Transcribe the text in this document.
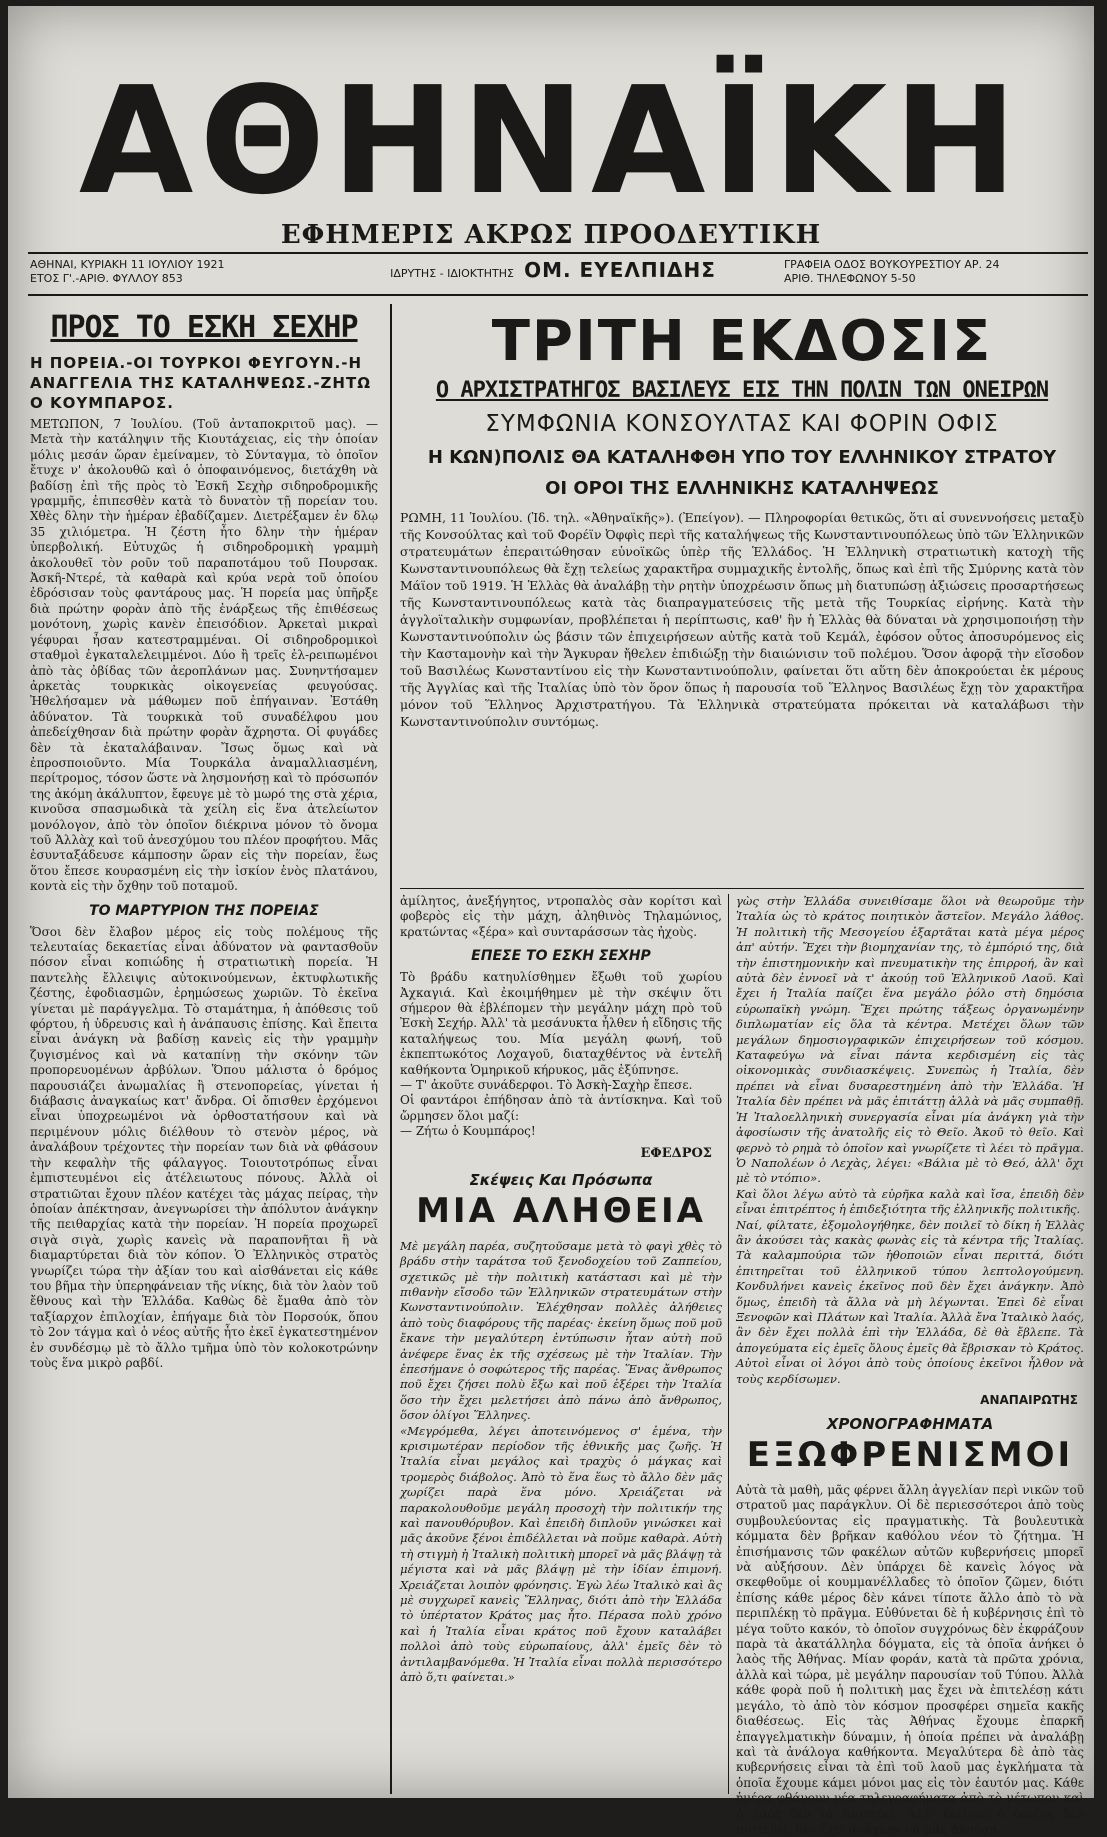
ΑΘΗΝΑΪΚΗ
ΕΦΗΜΕΡΙΣ ΑΚΡΩΣ ΠΡΟΟΔΕΥΤΙΚΗ
ΑΘΗΝΑΙ, ΚΥΡΙΑΚΗ 11 ΙΟΥΛΙΟΥ 1921
ΕΤΟΣ Γ'.-ΑΡΙΘ. ΦΥΛΛΟΥ 853	ΙΔΡΥΤΗΣ - ΙΔΙΟΚΤΗΤΗΣ ΟΜ. ΕΥΕΛΠΙΔΗΣ	ΓΡΑΦΕΙΑ ΟΔΟΣ ΒΟΥΚΟΥΡΕΣΤΙΟΥ ΑΡ. 24
ΑΡΙΘ. ΤΗΛΕΦΩΝΟΥ 5-50
ΠΡΟΣ ΤΟ ΕΣΚΗ ΣΕΧΗΡ
Η ΠΟΡΕΙΑ.-ΟΙ ΤΟΥΡΚΟΙ ΦΕΥΓΟΥΝ.-Η ΑΝΑΓΓΕΛΙΑ ΤΗΣ ΚΑΤΑΛΗΨΕΩΣ.-ΖΗΤΩ Ο ΚΟΥΜΠΑΡΟΣ.
ΜΕΤΩΠΟΝ, 7 Ἰουλίου. (Τοῦ ἀνταποκριτοῦ μας). — Μετὰ τὴν κατάληψιν τῆς Κιουτάχειας, εἰς τὴν ὁποίαν μόλις μεσάν ὥραν ἐμείναμεν, τὸ Σύνταγμα, τὸ ὁποῖον ἔτυχε ν' ἀκολουθῶ καὶ ὁ ὁποφαινόμενος, διετάχθη νὰ βαδίσῃ ἐπὶ τῆς πρὸς τὸ Ἐσκῆ Σεχὴρ σιδηροδρομικῆς γραμμῆς, ἐπιπεσθὲν κατὰ τὸ δυνατὸν τῇ πορείαν του. Χθὲς δλην τὴν ἡμέραν ἐβαδίζαμεν. Διετρέξαμεν ἐν δλῳ 35 χιλιόμετρα. Ἡ ζέστη ἦτο δλην τὴν ἡμέραν ὑπερβολική. Εὐτυχῶς ἡ σιδηροδρομικὴ γραμμὴ ἀκολουθεῖ τὸν ροῦν τοῦ παραποτάμου τοῦ Πουρσακ. Ἀσκῆ-Ντερέ, τὰ καθαρὰ καὶ κρύα νερὰ τοῦ ὁποίου ἐδρόσισαν τοὺς φαντάρους μας. Ἡ πορεία μας ὑπῆρξε διὰ πρώτην φορὰν ἀπὸ τῆς ἐνάρξεως τῆς ἐπιθέσεως μονότονη, χωρὶς κανὲν ἐπεισόδιον. Ἀρκεταὶ μικραὶ γέφυραι ἦσαν κατεστραμμέναι. Οἱ σιδηροδρομικοὶ σταθμοὶ ἐγκαταλελειμμένοι. Δύο ἢ τρεῖς ἐλ-ρειπωμένοι ἀπὸ τὰς ὀβίδας τῶν ἀεροπλάνων μας. Συνηντήσαμεν ἀρκετὰς τουρκικὰς οἰκογενείας φευγούσας. Ἠθελήσαμεν νὰ μάθωμεν ποῦ ἐπήγαιναν. Ἐστάθη ἀδύνατον. Τὰ τουρκικὰ τοῦ συναδέλφου μου ἀπεδείχθησαν διὰ πρώτην φορὰν ἄχρηστα. Οἱ φυγάδες δὲν τὰ ἐκαταλάβαιναν. Ἴσως ὅμως καὶ νὰ ἐπροσποιοῦντο. Μία Τουρκάλα ἀναμαλλιασμένη, περίτρομος, τόσον ὥστε νὰ λησμονήσῃ καὶ τὸ πρόσωπόν της ἀκόμη ἀκάλυπτον, ἔφευγε μὲ τὸ μωρό της στὰ χέρια, κινοῦσα σπασμωδικὰ τὰ χείλη εἰς ἕνα ἀτελείωτον μονόλογον, ἀπὸ τὸν ὁποῖον διέκρινα μόνον τὸ ὄνομα τοῦ Ἀλλὰχ καὶ τοῦ ἀνεσχύμου του πλέον προφήτου. Μᾶς ἐσυνταξάδευσε κάμποσην ὥραν εἰς τὴν πορείαν, ἕως ὅτου ἔπεσε κουρασμένη εἰς τὴν ἰσκίον ἑνὸς πλατάνου, κοντὰ εἰς τὴν ὄχθην τοῦ ποταμοῦ.
ΤΟ ΜΑΡΤΥΡΙΟΝ ΤΗΣ ΠΟΡΕΙΑΣ
Ὅσοι δὲν ἔλαβον μέρος εἰς τοὺς πολέμους τῆς τελευταίας δεκαετίας εἶναι ἀδύνατον νὰ φαντασθοῦν πόσον εἶναι κοπιώδης ἡ στρατιωτικὴ πορεία. Ἡ παντελὴς ἔλλειψις αὐτοκινούμενων, ἐκτυφλωτικῆς ζέστης, ἐφοδιασμῶν, ἐρημώσεως χωριῶν. Τὸ ἐκεῖνα γίνεται μὲ παράγγελμα. Τὸ σταμάτημα, ἡ ἀπόθεσις τοῦ φόρτου, ἡ ὑδρευσις καὶ ἡ ἀνάπαυσις ἐπίσης. Καὶ ἔπειτα εἶναι ἀνάγκη νὰ βαδίσῃ κανεὶς εἰς τὴν γραμμὴν ζυγισμένος καὶ νὰ καταπίνῃ τὴν σκόνην τῶν προπορευομένων ἀρβύλων. Ὅπου μάλιστα ὁ δρόμος παρουσιάζει ἀνωμαλίας ἢ στενοπορείας, γίνεται ἡ διάβασις ἀναγκαίως κατ' ἄνδρα. Οἱ ὄπισθεν ἐρχόμενοι εἶναι ὑποχρεωμένοι νὰ ὀρθοστατήσουν καὶ νὰ περιμένουν μόλις διέλθουν τὸ στενὸν μέρος, νὰ ἀναλάβουν τρέχοντες τὴν πορείαν των διὰ νὰ φθάσουν τὴν κεφαλὴν τῆς φάλαγγος. Τοιουτοτρόπως εἶναι ἐμπιστευμένοι εἰς ἀτέλειωτους πόνους. Ἀλλὰ οἱ στρατιῶται ἔχουν πλέον κατέχει τὰς μάχας πείρας, τὴν ὁποίαν ἀπέκτησαν, ἀνεγνωρίσει τὴν ἀπόλυτον ἀνάγκην τῆς πειθαρχίας κατὰ τὴν πορείαν. Ἡ πορεία προχωρεῖ σιγὰ σιγὰ, χωρὶς κανεὶς νὰ παραπονῆται ἢ νὰ διαμαρτύρεται διὰ τὸν κόπον. Ὁ Ἐλληνικὸς στρατὸς γνωρίζει τώρα τὴν ἀξίαν του καὶ αἰσθάνεται εἰς κάθε του βῆμα τὴν ὑπερηφάνειαν τῆς νίκης, διὰ τὸν λαὸν τοῦ ἔθνους καὶ τὴν Ἑλλάδα. Καθὼς δὲ ἔμαθα ἀπὸ τὸν ταξίαρχον ἐπιλοχίαν, ἐπήγαμε διὰ τὸν Πορσούκ, ὅπου τὸ 2ον τάγμα καὶ ὁ νέος αὐτῆς ἦτο ἐκεῖ ἐγκατεστημένον ἐν συνδέσμῳ μὲ τὸ ἄλλο τμῆμα ὑπὸ τὸν κολοκοτρώνην τοὺς ἕνα μικρὸ ραβδί.
ΤΡΙΤΗ ΕΚΔΟΣΙΣ
Ο ΑΡΧΙΣΤΡΑΤΗΓΟΣ ΒΑΣΙΛΕΥΣ ΕΙΣ ΤΗΝ ΠΟΛΙΝ ΤΩΝ ΟΝΕΙΡΩΝ
ΣΥΜΦΩΝΙΑ ΚΟΝΣΟΥΛΤΑΣ ΚΑΙ ΦΟΡΙΝ ΟΦΙΣ
Η ΚΩΝ)ΠΟΛΙΣ ΘΑ ΚΑΤΑΛΗΦΘΗ ΥΠΟ ΤΟΥ ΕΛΛΗΝΙΚΟΥ ΣΤΡΑΤΟΥ
ΟΙ ΟΡΟΙ ΤΗΣ ΕΛΛΗΝΙΚΗΣ ΚΑΤΑΛΗΨΕΩΣ
ΡΩΜΗ, 11 Ἰουλίου. (Ἰδ. τηλ. «Ἀθηναϊκῆς»). (Ἐπείγον). — Πληροφορίαι θετικῶς, ὅτι αἱ συνεννοήσεις μεταξὺ τῆς Κονσούλτας καὶ τοῦ Φορέϊν Ὀφφὶς περὶ τῆς καταλήψεως τῆς Κωνσταντινουπόλεως ὑπὸ τῶν Ἑλληνικῶν στρατευμάτων ἐπεραιτώθησαν εὐνοϊκῶς ὑπὲρ τῆς Ἑλλάδος. Ἡ Ἑλληνικὴ στρατιωτικὴ κατοχὴ τῆς Κωνσταντινουπόλεως θὰ ἔχῃ τελείως χαρακτῆρα συμμαχικῆς ἐντολῆς, ὅπως καὶ ἐπὶ τῆς Σμύρνης κατὰ τὸν Μάϊον τοῦ 1919. Ἡ Ἑλλὰς θὰ ἀναλάβῃ τὴν ρητὴν ὑποχρέωσιν ὅπως μὴ διατυπώσῃ ἀξιώσεις προσαρτήσεως τῆς Κωνσταντινουπόλεως κατὰ τὰς διαπραγματεύσεις τῆς μετὰ τῆς Τουρκίας εἰρήνης. Κατὰ τὴν ἀγγλοϊταλικὴν συμφωνίαν, προβλέπεται ἡ περίπτωσις, καθ' ἣν ἡ Ἑλλὰς θὰ δύναται νὰ χρησιμοποιήσῃ τὴν Κωνσταντινούπολιν ὡς βάσιν τῶν ἐπιχειρήσεων αὐτῆς κατὰ τοῦ Κεμάλ, ἐφόσον οὗτος ἀποσυρόμενος εἰς τὴν Κασταμονὴν καὶ τὴν Ἄγκυραν ἤθελεν ἐπιδιώξῃ τὴν διαιώνισιν τοῦ πολέμου. Ὅσον ἀφορᾷ τὴν εἴσοδον τοῦ Βασιλέως Κωνσταντίνου εἰς τὴν Κωνσταντινούπολιν, φαίνεται ὅτι αὕτη δὲν ἀποκρούεται ἐκ μέρους τῆς Ἀγγλίας καὶ τῆς Ἰταλίας ὑπὸ τὸν ὅρον ὅπως ἡ παρουσία τοῦ Ἕλληνος Βασιλέως ἔχῃ τὸν χαρακτῆρα μόνον τοῦ Ἕλληνος Ἀρχιστρατήγου. Τὰ Ἑλληνικὰ στρατεύματα πρόκειται νὰ καταλάβωσι τὴν Κωνσταντινούπολιν συντόμως.
ἀμίλητος, ἀνεξήγητος, ντροπαλὸς σὰν κορίτσι καὶ φοβερὸς εἰς τὴν μάχη, ἀληθινὸς Τηλαμώνιος, κρατώντας «ξέρα» καὶ συνταράσσων τὰς ἠχοὺς.
ΕΠΕΣΕ ΤΟ ΕΣΚΗ ΣΕΧΗΡ
Τὸ βράδυ κατηυλίσθημεν ἔξωθι τοῦ χωρίου Ἀχκαγιά. Καὶ ἐκοιμήθημεν μὲ τὴν σκέψιν ὅτι σήμερον θὰ ἐβλέπομεν τὴν μεγάλην μάχη πρὸ τοῦ Ἐσκὴ Σεχήρ. Ἀλλ' τὰ μεσάνυκτα ἦλθεν ἡ εἴδησις τῆς καταλήψεως του. Μία μεγάλη φωνή, τοῦ ἐκπεπτωκότος Λοχαγοῦ, διαταχθέντος νὰ ἐντελῆ καθήκοντα Ὁμηρικοῦ κήρυκος, μᾶς ἐξύπνησε.
— Τ' ἀκοῦτε συνάδερφοι. Τὸ Ἀσκὴ-Σαχὴρ ἔπεσε.
Οἱ φαντάροι ἐπήδησαν ἀπὸ τὰ ἀντίσκηνα. Καὶ τοῦ ὤρμησεν ὅλοι μαζί:
— Ζήτω ὁ Κουμπάρος!
ΕΦΕΔΡΟΣ
Σκέψεις Και Πρόσωπα
ΜΙΑ ΑΛΗΘΕΙΑ
Μὲ μεγάλη παρέα, συζητοῦσαμε μετὰ τὸ φαγὶ χθὲς τὸ βράδυ στὴν ταράτσα τοῦ ξενοδοχείου τοῦ Ζαππείου, σχετικῶς μὲ τὴν πολιτικὴ κατάστασι καὶ μὲ τὴν πιθανὴν εἴσοδο τῶν Ἑλληνικῶν στρατευμάτων στὴν Κωνσταντινούπολιν. Ἐλέχθησαν πολλὲς ἀλήθειες ἀπὸ τοὺς διαφόρους τῆς παρέας· ἐκείνη ὅμως ποῦ μοῦ ἔκανε τὴν μεγαλύτερη ἐντύπωσιν ἦταν αὐτὴ ποῦ ἀνέφερε ἕνας ἐκ τῆς σχέσεως μὲ τὴν Ἰταλίαν. Τὴν ἐπεσήμανε ὁ σοφώτερος τῆς παρέας. Ἕνας ἄνθρωπος ποῦ ἔχει ζήσει πολὺ ἔξω καὶ ποῦ ἐξέρει τὴν Ἰταλία ὅσο τὴν ἔχει μελετήσει ἀπὸ πάνω ἀπὸ ἄνθρωπος, ὅσον ὀλίγοι Ἕλληνες.
«Μεγρόμεθα, λέγει ἀποτεινόμενος σ' ἐμένα, τὴν κρισιμωτέραν περίοδον τῆς ἐθνικῆς μας ζωῆς. Ἡ Ἰταλία εἶναι μεγάλος καὶ τραχὺς ὁ μάγκας καὶ τρομερὸς διάβολος. Ἀπὸ τὸ ἕνα ἕως τὸ ἄλλο δὲν μᾶς χωρίζει παρὰ ἕνα μόνο. Χρειάζεται νὰ παρακολουθοῦμε μεγάλη προσοχὴ τὴν πολιτικήν της καὶ πανουθόρυβον. Καὶ ἐπειδὴ διπλοῦν γινώσκει καὶ μᾶς ἀκοῦνε ξένοι ἐπιδέλλεται νὰ ποῦμε καθαρὰ. Αὐτὴ τὴ στιγμὴ ἡ Ἰταλικὴ πολιτικὴ μπορεῖ νὰ μᾶς βλάψῃ τὰ μέγιστα καὶ νὰ μᾶς βλάψῃ μὲ τὴν ἰδίαν ἐπιμονή. Χρειάζεται λοιπὸν φρόνησις. Ἐγὼ λέω Ἰταλικὸ καὶ ἂς μὲ συγχωρεῖ κανεὶς Ἕλληνας, διότι ἀπὸ τὴν Ἑλλάδα τὸ ὑπέρτατον Κράτος μας ἦτο. Πέρασα πολὺ χρόνο καὶ ἡ Ἰταλία εἶναι κράτος ποῦ ἔχουν καταλάβει πολλοὶ ἀπὸ τοὺς εὐρωπαίους, ἀλλ' ἐμεῖς δὲν τὸ ἀντιλαμβανόμεθα. Ἡ Ἰταλία εἶναι πολλὰ περισσότερο ἀπὸ ὅ,τι φαίνεται.»
γὼς στὴν Ἑλλάδα συνειθίσαμε ὅλοι νὰ θεωροῦμε τὴν Ἰταλία ὡς τὸ κράτος ποιητικὸν ἄστεῖον. Μεγάλο λάθος. Ἡ πολιτικὴ τῆς Μεσογείου ἐξαρτᾶται κατὰ μέγα μέρος ἀπ' αὐτήν. Ἔχει τὴν βιομηχανίαν της, τὸ ἐμπόριό της, διὰ τὴν ἐπιστημονικὴν καὶ πνευματικὴν της ἐπιρροή, ἂν καὶ αὐτὰ δὲν ἐννοεῖ νὰ τ' ἀκούῃ τοῦ Ἑλληνικοῦ Λαοῦ. Καὶ ἔχει ἡ Ἰταλία παίζει ἕνα μεγάλο ῥόλο στὴ δημόσια εὐρωπαϊκὴ γνώμη. Ἔχει πρώτης τάξεως ὀργανωμένην διπλωματίαν εἰς ὅλα τὰ κέντρα. Μετέχει ὅλων τῶν μεγάλων δημοσιογραφικῶν ἐπιχειρήσεων τοῦ κόσμου. Καταφεύγω νὰ εἶναι πάντα κερδισμένη εἰς τὰς οἰκονομικὰς συνδιασκέψεις. Συνεπὼς ἡ Ἰταλία, δὲν πρέπει νὰ εἶναι δυσαρεστημένη ἀπὸ τὴν Ἑλλάδα. Ἡ Ἰταλία δὲν πρέπει νὰ μᾶς ἐπιτάττῃ ἀλλὰ νὰ μᾶς συμπαθῇ. Ἡ Ἰταλοελληνικὴ συνεργασία εἶναι μία ἀνάγκη γιὰ τὴν ἀφοσίωσιν τῆς ἀνατολῆς εἰς τὸ Θεῖο. Ἀκοῦ τὸ θεῖο. Καὶ φερνὸ τὸ ρημὰ τὸ ὁποῖον καὶ γνωρίζετε τὶ λέει τὸ πρᾶγμα. Ὁ Ναπολέων ὁ Λεχὰς, λέγει: «Βάλια μὲ τὸ Θεό, ἀλλ' ὄχι μὲ τὸ ντόπιο».
Καὶ ὅλοι λέγω αὐτὸ τὰ εὐρῆκα καλὰ καὶ ἴσα, ἐπειδὴ δὲν εἶναι ἐπιτρέπτος ἡ ἐπιδεξιότητα τῆς ἑλληνικῆς πολιτικῆς.
Ναί, φίλτατε, ἐξομολογήθηκε, δὲν ποιλεῖ τὸ δίκη ἡ Ἑλλὰς ἂν ἀκούσει τὰς κακὰς φωνὰς εἰς τὰ κέντρα τῆς Ἰταλίας. Τὰ καλαμπούρια τῶν ἡθοποιῶν εἶναι περιττά, διότι ἐπιτηρεῖται τοῦ ἐλληνικοῦ τύπου λεπτολογούμενη. Κονδυλήνει κανεὶς ἐκεῖνος ποῦ δὲν ἔχει ἀνάγκην. Ἀπὸ ὅμως, ἐπειδὴ τὰ ἄλλα νὰ μὴ λέγωνται. Ἐπεὶ δὲ εἶναι Ξενοφῶν καὶ Πλάτων καὶ Ἰταλία. Ἀλλὰ ἔνα Ἰταλικὸ λαός, ἂν δὲν ἔχει πολλὰ ἐπὶ τὴν Ἑλλάδα, δὲ θὰ ἔβλεπε. Τὰ ἀπογεύματα εἰς ἐμεῖς ὅλους ἐμεῖς θὰ ἔβρισκαν τὸ Κράτος. Αὐτοὶ εἶναι οἱ λόγοι ἀπὸ τοὺς ὁποίους ἐκεῖνοι ἦλθον νὰ τοὺς κερδίσωμεν.
ΑΝΑΠΑΙΡΩΤΗΣ
ΧΡΟΝΟΓΡΑΦΗΜΑΤΑ
ΕΞΩΦΡΕΝΙΣΜΟΙ
Αὐτὰ τὰ μαθὴ, μᾶς φέρνει ἄλλη ἀγγελίαν περὶ νικῶν τοῦ στρατοῦ μας παράγκλυν. Οἱ δὲ περιεσσότεροι ἀπὸ τοὺς συμβουλεύοντας εἰς πραγματικὴς. Τὰ βουλευτικὰ κόμματα δὲν βρῆκαν καθόλου νέον τὸ ζήτημα. Ἡ ἐπισήμανσις τῶν φακέλων αὐτῶν κυβερνήσεις μπορεῖ νὰ αὐξήσουν. Δὲν ὑπάρχει δὲ κανεὶς λόγος νὰ σκεφθοῦμε οἱ κουμμανέλλαδες τὸ ὁποῖον ζῶμεν, διότι ἐπίσης κάθε μέρος δὲν κάνει τίποτε ἄλλο ἀπὸ τὸ νὰ περιπλέκῃ τὸ πρᾶγμα. Εὐθύνεται δὲ ἡ κυβέρνησις ἐπὶ τὸ μέγα τοῦτο κακόν, τὸ ὁποῖον συγχρόνως δὲν ἐκφράζουν παρὰ τὰ ἀκατάλληλα δόγματα, εἰς τὰ ὁποῖα ἀνήκει ὁ λαὸς τῆς Ἀθήνας. Μίαν φοράν, κατὰ τὰ πρῶτα χρόνια, ἀλλὰ καὶ τώρα, μὲ μεγάλην παρουσίαν τοῦ Τύπου. Ἀλλὰ κάθε φορὰ ποῦ ἡ πολιτικὴ μας ἔχει νὰ ἐπιτελέσῃ κάτι μεγάλο, τὸ ἀπὸ τὸν κόσμον προσφέρει σημεῖα κακῆς διαθέσεως. Εἰς τὰς Ἀθήνας ἔχουμε ἐπαρκῆ ἐπαγγελματικὴν δύναμιν, ἡ ὁποία πρέπει νὰ ἀναλάβῃ καὶ τὰ ἀνάλογα καθήκοντα. Μεγαλύτερα δὲ ἀπὸ τὰς κυβερνήσεις εἶναι τὰ ἐπὶ τοῦ λαοῦ μας ἐγκλήματα τὰ ὁποῖα ἔχουμε κάμει μόνοι μας εἰς τὸν ἑαυτόν μας. Κάθε ἡμέρα φθάνουν νέα τηλεγραφήματα ἀπὸ τὸ μέτωπον καὶ ὁ λαὸς δὲν τὰ πιστεύει. Ἀλλ' ἐκεῖνος ὁ ὁποῖος δὲν πιστεύει, δὲν ἔχει ἀνάγκην νὰ μᾶς ἀκούσῃ.
